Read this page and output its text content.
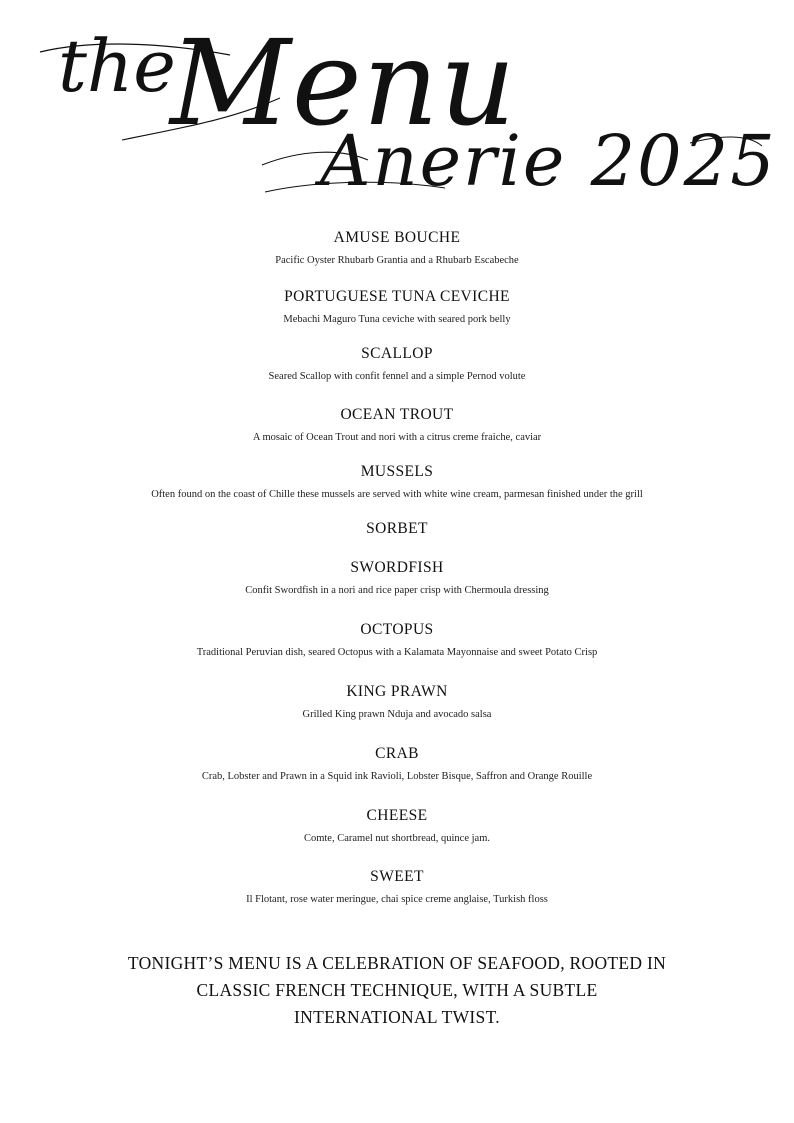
the
Menu
Anerie 2025
AMUSE BOUCHE
Pacific Oyster Rhubarb Grantia and a Rhubarb Escabeche
PORTUGUESE TUNA CEVICHE
Mebachi Maguro Tuna ceviche with seared pork belly
SCALLOP
Seared Scallop with confit fennel and a simple Pernod volute
OCEAN TROUT
A mosaic of Ocean Trout and nori with a citrus creme fraiche, caviar
MUSSELS
Often found on the coast of Chille these mussels are served with white wine cream, parmesan finished under the grill
SORBET
SWORDFISH
Confit Swordfish in a nori and rice paper crisp with Chermoula dressing
OCTOPUS
Traditional Peruvian dish, seared Octopus with a Kalamata Mayonnaise and sweet Potato Crisp
KING PRAWN
Grilled King prawn Nduja and avocado salsa
CRAB
Crab, Lobster and Prawn in a Squid ink Ravioli, Lobster Bisque, Saffron and Orange Rouille
CHEESE
Comte, Caramel nut shortbread, quince jam.
SWEET
Il Flotant, rose water meringue, chai spice creme anglaise, Turkish floss
TONIGHT’S MENU IS A CELEBRATION OF SEAFOOD, ROOTED IN
CLASSIC FRENCH TECHNIQUE, WITH A SUBTLE
INTERNATIONAL TWIST.
